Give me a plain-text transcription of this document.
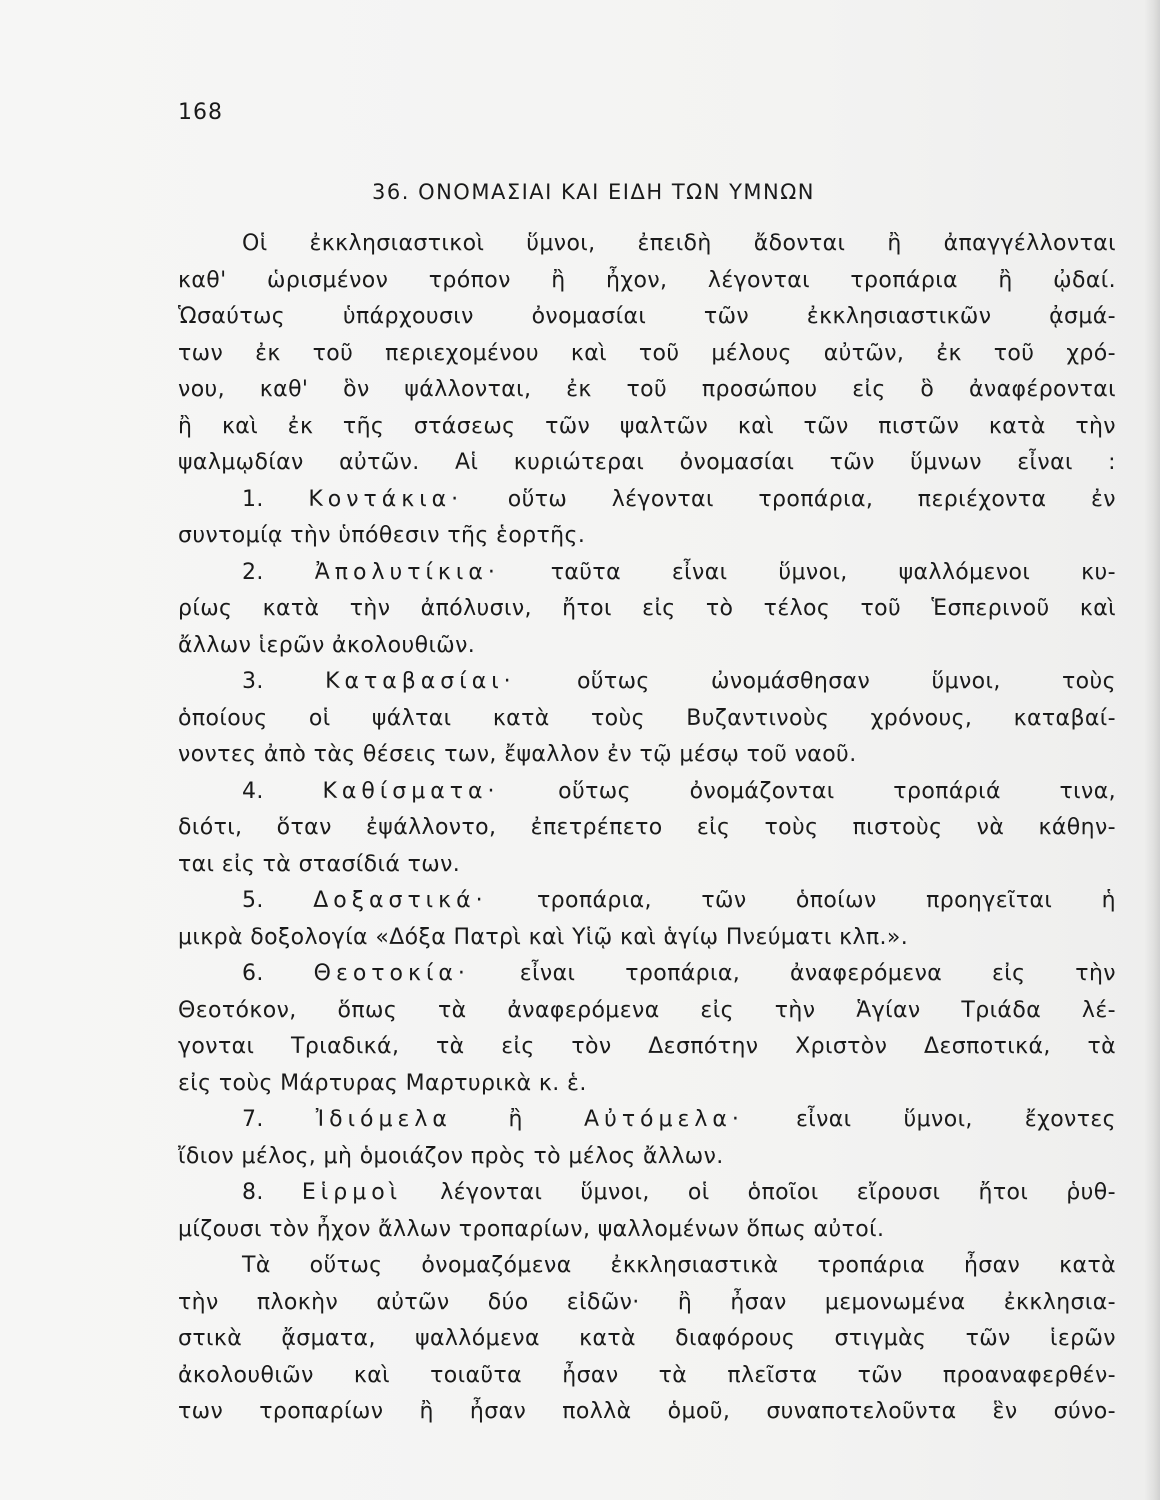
168
36. ΟΝΟΜΑΣΙΑΙ ΚΑΙ ΕΙΔΗ ΤΩΝ ΥΜΝΩΝ
Οἱ ἐκκλησιαστικοὶ ὕμνοι, ἐπειδὴ ἄδονται ἢ ἀπαγγέλλονται
καθ' ὡρισμένον τρόπον ἢ ἦχον, λέγονται τροπάρια ἢ ᾠδαί.
Ὡσαύτως ὑπάρχουσιν ὀνομασίαι τῶν ἐκκλησιαστικῶν ᾀσμά-
των ἐκ τοῦ περιεχομένου καὶ τοῦ μέλους αὐτῶν, ἐκ τοῦ χρό-
νου, καθ' ὃν ψάλλονται, ἐκ τοῦ προσώπου εἰς ὃ ἀναφέρονται
ἢ καὶ ἐκ τῆς στάσεως τῶν ψαλτῶν καὶ τῶν πιστῶν κατὰ τὴν
ψαλμῳδίαν αὐτῶν. Αἱ κυριώτεραι ὀνομασίαι τῶν ὕμνων εἶναι :
1. Κοντάκια· οὕτω λέγονται τροπάρια, περιέχοντα ἐν
συντομίᾳ τὴν ὑπόθεσιν τῆς ἑορτῆς.
2. Ἀπολυτίκια· ταῦτα εἶναι ὕμνοι, ψαλλόμενοι κυ-
ρίως κατὰ τὴν ἀπόλυσιν, ἤτοι εἰς τὸ τέλος τοῦ Ἑσπερινοῦ καὶ
ἄλλων ἱερῶν ἀκολουθιῶν.
3. Καταβασίαι·	οὕτως ὠνομάσθησαν ὕμνοι, τοὺς
ὁποίους οἱ ψάλται κατὰ τοὺς Βυζαντινοὺς χρόνους, καταβαί-
νοντες ἀπὸ τὰς θέσεις των, ἔψαλλον ἐν τῷ μέσῳ τοῦ ναοῦ.
4. Καθίσματα·	οὕτως ὀνομάζονται τροπάριά τινα,
διότι, ὅταν ἐψάλλοντο, ἐπετρέπετο εἰς τοὺς πιστοὺς νὰ κάθην-
ται εἰς τὰ στασίδιά των.
5. Δοξαστικά· τροπάρια, τῶν ὁποίων προηγεῖται ἡ
μικρὰ δοξολογία «Δόξα Πατρὶ καὶ Υἱῷ καὶ ἁγίῳ Πνεύματι κλπ.».
6. Θεοτοκία· εἶναι τροπάρια, ἀναφερόμενα εἰς τὴν
Θεοτόκον, ὅπως τὰ ἀναφερόμενα εἰς τὴν Ἁγίαν Τριάδα λέ-
γονται Τριαδικά, τὰ εἰς τὸν Δεσπότην Χριστὸν Δεσποτικά, τὰ
εἰς τοὺς Μάρτυρας Μαρτυρικὰ κ. ἑ.
7. Ἰδιόμελα ἢ Αὐτόμελα· εἶναι ὕμνοι, ἔχοντες
ἴδιον μέλος, μὴ ὁμοιάζον πρὸς τὸ μέλος ἄλλων.
8. Εἱρμοὶ λέγονται ὕμνοι, οἱ ὁποῖοι εἴρουσι ἤτοι ῥυθ-
μίζουσι τὸν ἦχον ἄλλων τροπαρίων, ψαλλομένων ὅπως αὐτοί.
Τὰ οὕτως ὀνομαζόμενα ἐκκλησιαστικὰ τροπάρια ἦσαν κατὰ
τὴν πλοκὴν αὐτῶν δύο εἰδῶν· ἢ ἦσαν μεμονωμένα ἐκκλησια-
στικὰ ᾄσματα, ψαλλόμενα κατὰ διαφόρους στιγμὰς τῶν ἱερῶν
ἀκολουθιῶν καὶ τοιαῦτα ἦσαν τὰ πλεῖστα τῶν προαναφερθέν-
των τροπαρίων ἢ ἦσαν πολλὰ ὁμοῦ, συναποτελοῦντα ἓν σύνο-
